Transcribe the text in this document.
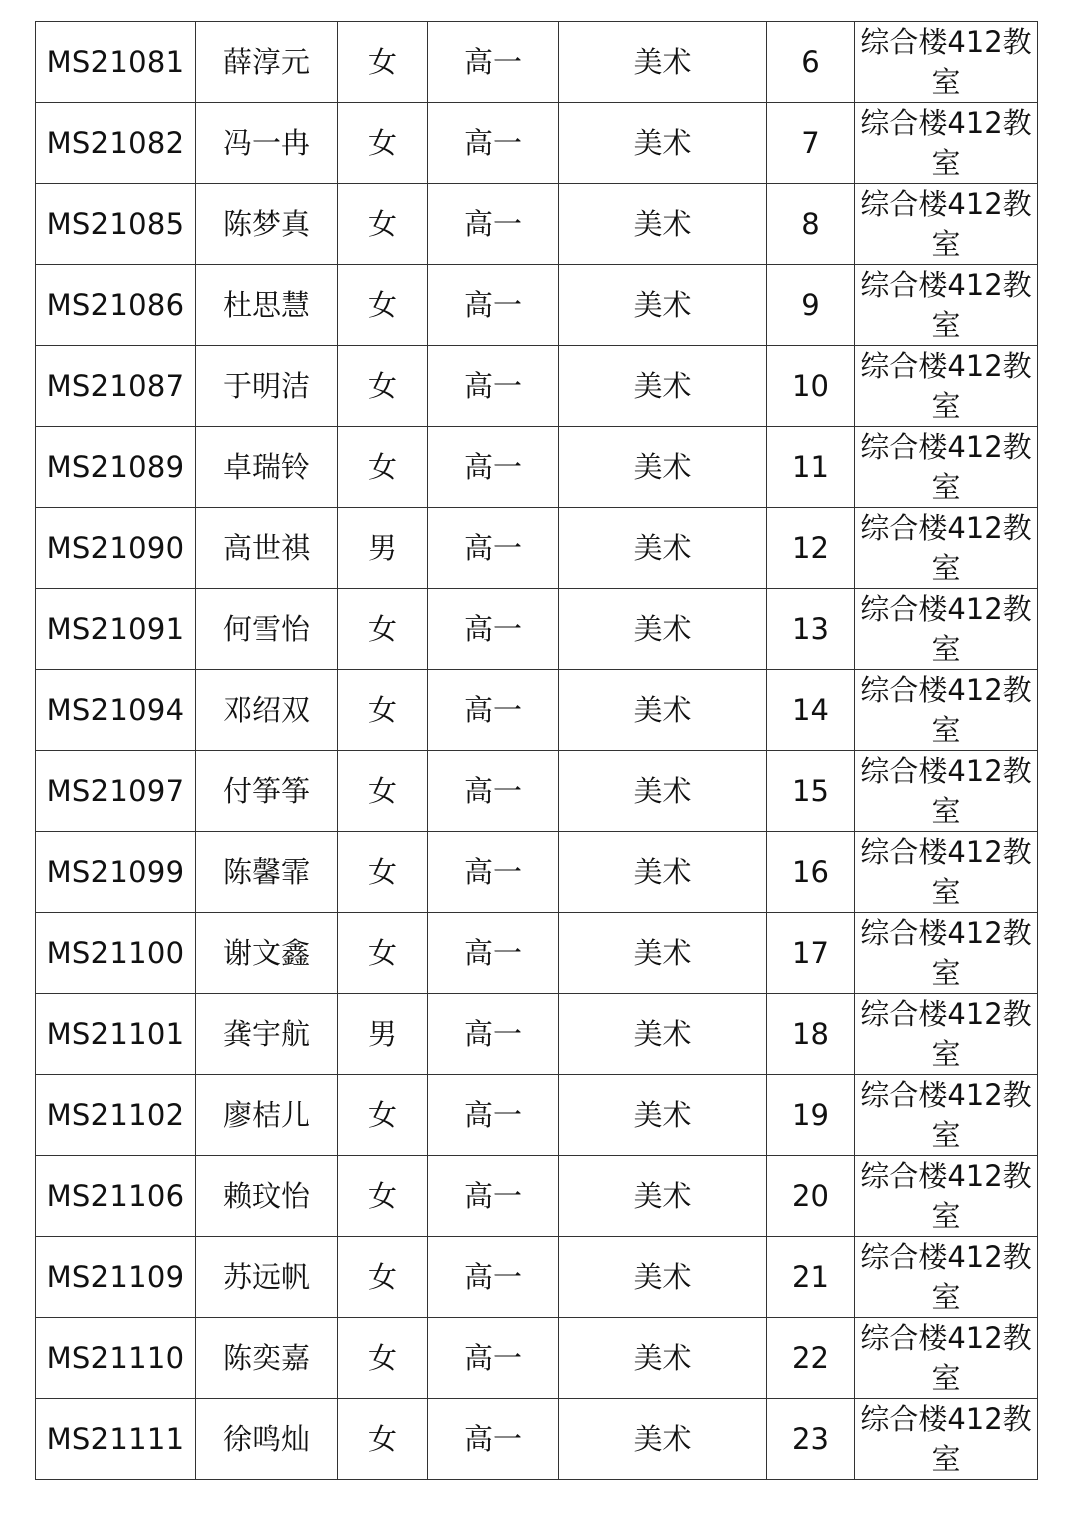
MS21081	薛淳元	女	高一	美术	6	综合楼412教
室

MS21082	冯一冉	女	高一	美术	7	综合楼412教
室

MS21085	陈梦真	女	高一	美术	8	综合楼412教
室

MS21086	杜思慧	女	高一	美术	9	综合楼412教
室

MS21087	于明洁	女	高一	美术	10	综合楼412教
室

MS21089	卓瑞铃	女	高一	美术	11	综合楼412教
室

MS21090	高世祺	男	高一	美术	12	综合楼412教
室

MS21091	何雪怡	女	高一	美术	13	综合楼412教
室

MS21094	邓绍双	女	高一	美术	14	综合楼412教
室

MS21097	付筝筝	女	高一	美术	15	综合楼412教
室

MS21099	陈馨霏	女	高一	美术	16	综合楼412教
室

MS21100	谢文鑫	女	高一	美术	17	综合楼412教
室

MS21101	龚宇航	男	高一	美术	18	综合楼412教
室

MS21102	廖桔儿	女	高一	美术	19	综合楼412教
室

MS21106	赖玟怡	女	高一	美术	20	综合楼412教
室

MS21109	苏远帆	女	高一	美术	21	综合楼412教
室

MS21110	陈奕嘉	女	高一	美术	22	综合楼412教
室

MS21111	徐鸣灿	女	高一	美术	23	综合楼412教
室
